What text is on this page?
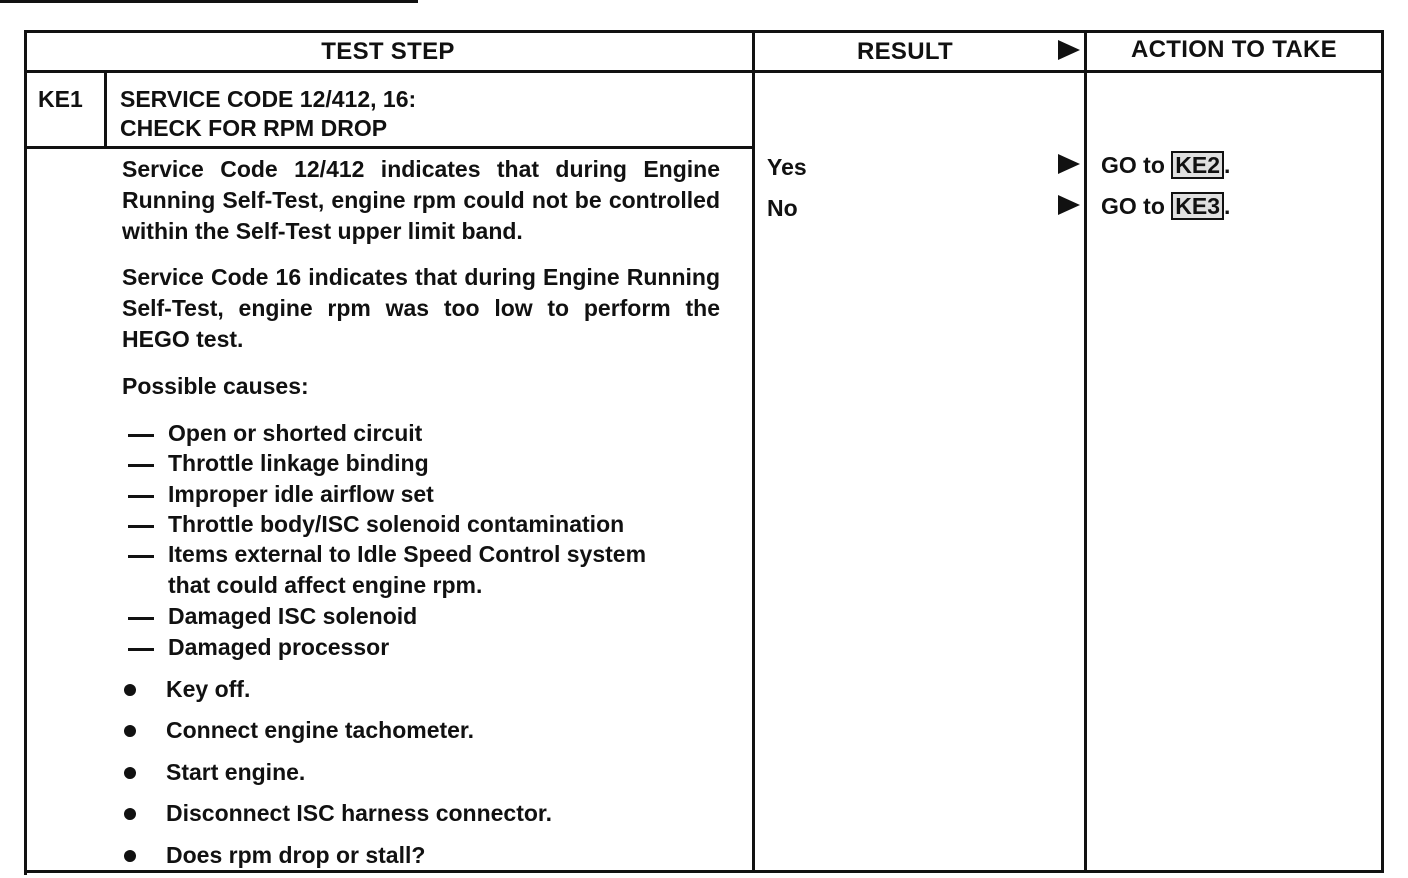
TEST STEP	RESULT	ACTION TO TAKE
KE1 SERVICE CODE 12/412, 16:
CHECK FOR RPM DROP
Service Code 12/412 indicates that during Engine Running Self-Test, engine rpm could not be controlled within the Self-Test upper limit band.
Service Code 16 indicates that during Engine Running Self-Test, engine rpm was too low to perform the HEGO test.
Possible causes:
Open or shorted circuit
Throttle linkage binding
Improper idle airflow set
Throttle body/ISC solenoid contamination
Items external to Idle Speed Control system
that could affect engine rpm.
Damaged ISC solenoid
Damaged processor
Key off.
Connect engine tachometer.
Start engine.
Disconnect ISC harness connector.
Does rpm drop or stall?
Yes	GO to KE2 .
No	GO to KE3 .
